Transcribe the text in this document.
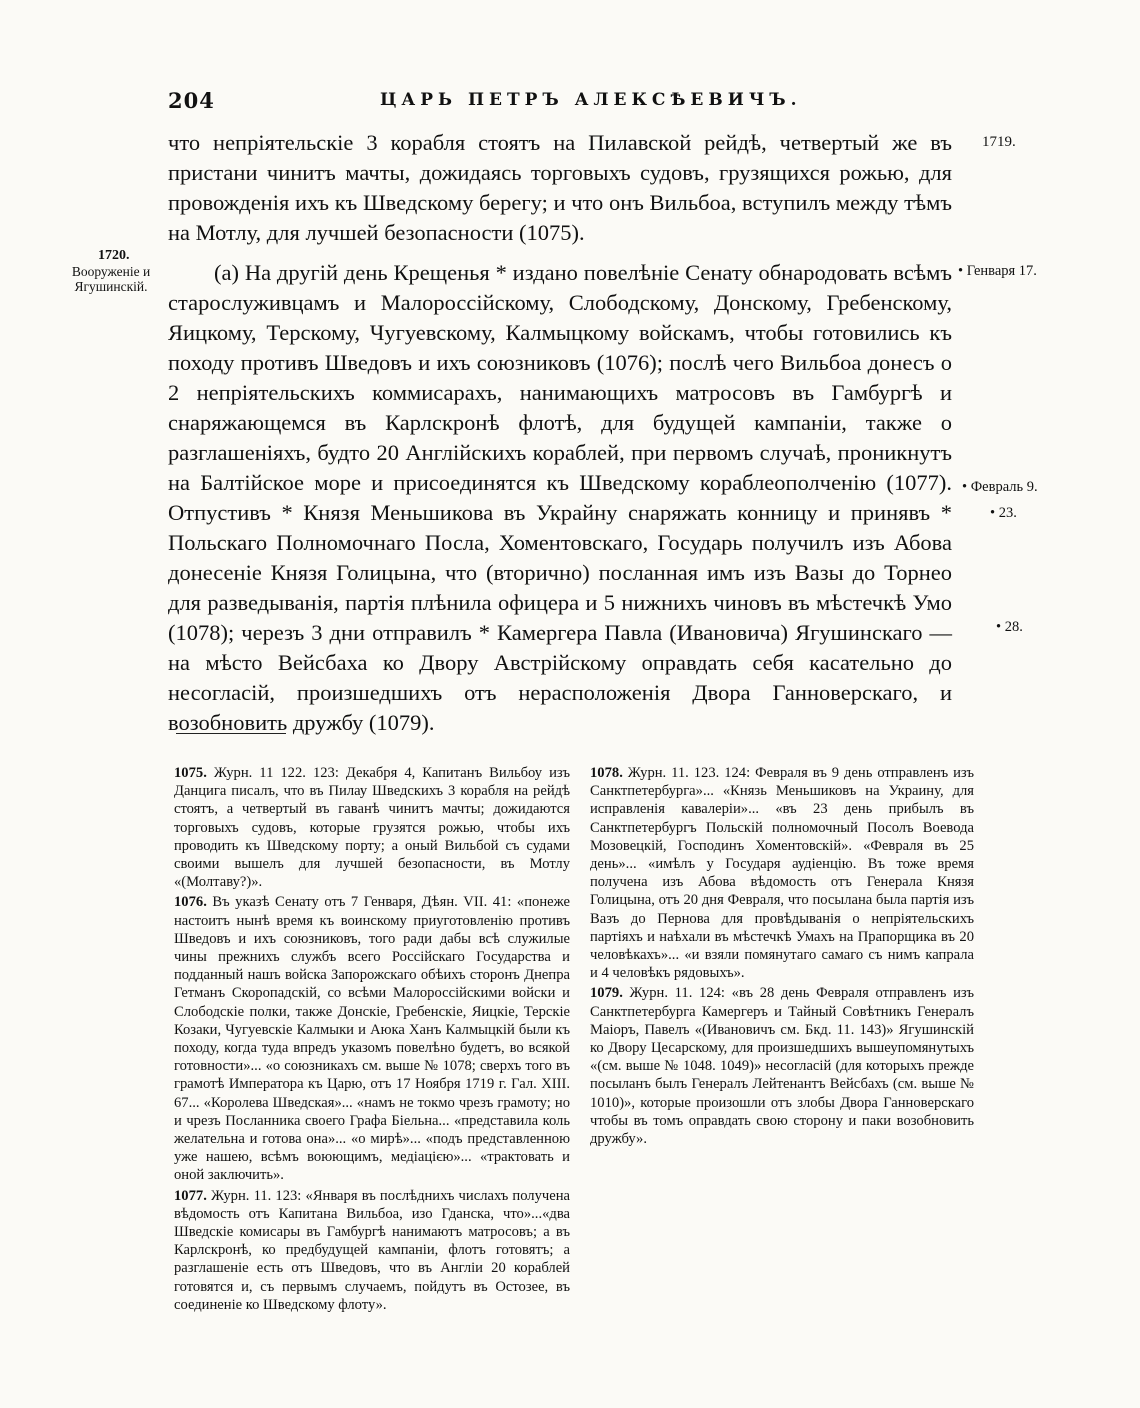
204	ЦАРЬ ПЕТРЪ АЛЕКСѢЕВИЧЪ.
1719.
1720.
Вооруженіе и
Ягушинскій.
• Генваря 17.
• Февраль 9.
• 23.
• 28.
что непріятельскіе 3 корабля стоятъ на Пилавской рейдѣ, четвертый же въ пристани чинитъ мачты, дожидаясь торговыхъ судовъ, грузящихся рожью, для провожденія ихъ къ Шведскому берегу; и что онъ Вильбоа, вступилъ между тѣмъ на Мотлу, для лучшей безопасности (1075).
(а) На другій день Крещенья * издано повелѣніе Сенату обнародовать всѣмъ старослуживцамъ и Малороссійскому, Слободскому, Донскому, Гребенскому, Яицкому, Терскому, Чугуевскому, Калмыцкому войскамъ, чтобы готовились къ походу противъ Шведовъ и ихъ союзниковъ (1076); послѣ чего Вильбоа донесъ о 2 непріятельскихъ коммисарахъ, нанимающихъ матросовъ въ Гамбургѣ и снаряжающемся въ Карлскронѣ флотѣ, для будущей кампаніи, также о разглашеніяхъ, будто 20 Англійскихъ кораблей, при первомъ случаѣ, проникнутъ на Балтійское море и присоединятся къ Шведскому кораблеополченію (1077). Отпустивъ * Князя Меньшикова въ Украйну снаряжать конницу и принявъ * Польскаго Полномочнаго Посла, Хоментовскаго, Государь получилъ изъ Абова донесеніе Князя Голицына, что (вторично) посланная имъ изъ Вазы до Торнео для разведыванія, партія плѣнила офицера и 5 нижнихъ чиновъ въ мѣстечкѣ Умо (1078); черезъ 3 дни отправилъ * Камергера Павла (Ивановича) Ягушинскаго — на мѣсто Вейсбаха ко Двору Австрійскому оправдать себя касательно до несогласій, произшедшихъ отъ нерасположенія Двора Ганноверскаго, и возобновить дружбу (1079).

1075. Журн. 11 122. 123: Декабря 4, Капитанъ Вильбоу изъ Данцига писалъ, что въ Пилау Шведскихъ 3 корабля на рейдѣ стоятъ, а четвертый въ гаванѣ чинитъ мачты; дожидаются торговыхъ судовъ, которые грузятся рожью, чтобы ихъ проводить къ Шведскому порту; а оный Вильбой съ судами своими вышелъ для лучшей безопасности, въ Мотлу «(Молтаву?)».

1076. Въ указѣ Сенату отъ 7 Генваря, Дѣян. VII. 41: «понеже настоитъ нынѣ время къ воинскому приуготовленію противъ Шведовъ и ихъ союзниковъ, того ради дабы всѣ служилые чины прежнихъ службъ всего Россійскаго Государства и подданный нашъ войска Запорожскаго обѣихъ сторонъ Днепра Гетманъ Скоропадскій, со всѣми Малороссійскими войски и Слободскіе полки, также Донскіе, Гребенскіе, Яицкіе, Терскіе Козаки, Чугуевскіе Калмыки и Аюка Ханъ Калмыцкій были къ походу, когда туда впредъ указомъ повелѣно будетъ, во всякой готовности»... «о союзникахъ см. выше № 1078; сверхъ того въ грамотѣ Императора къ Царю, отъ 17 Ноября 1719 г. Гал. XIII. 67... «Королева Шведская»... «намъ не токмо чрезъ грамоту; но и чрезъ Посланника своего Графа Біельна... «представила коль желательна и готова она»... «о мирѣ»... «подъ представленною уже нашею, всѣмъ воюющимъ, медіацією»... «трактовать и оной заключить».

1077. Журн. 11. 123: «Января въ послѣднихъ числахъ получена вѣдомость отъ Капитана Вильбоа, изо Гданска, что»...«два Шведскіе комисары въ Гамбургѣ нанимаютъ матросовъ; а въ Карлскронѣ, ко предбудущей кампаніи, флотъ готовятъ; а разглашеніе есть отъ Шведовъ, что въ Англіи 20 кораблей готовятся и, съ первымъ случаемъ, пойдутъ въ Остозее, въ соединеніе ко Шведскому флоту».

1078. Журн. 11. 123. 124: Февраля въ 9 день отправленъ изъ Санктпетербурга»... «Князь Меньшиковъ на Украину, для исправленія кавалеріи»... «въ 23 день прибылъ въ Санктпетербургъ Польскій полномочный Посолъ Воевода Мозовецкій, Господинъ Хоментовскій». «Февраля въ 25 день»... «имѣлъ у Государя аудіенцію. Въ тоже время получена изъ Абова вѣдомость отъ Генерала Князя Голицына, отъ 20 дня Февраля, что посылана была партія изъ Вазъ до Пернова для провѣдыванія о непріятельскихъ партіяхъ и наѣхали въ мѣстечкѣ Умахъ на Прапорщика въ 20 человѣкахъ»... «и взяли помянутаго самаго съ нимъ капрала и 4 человѣкъ рядовыхъ».

1079. Журн. 11. 124: «въ 28 день Февраля отправленъ изъ Санктпетербурга Камергеръ и Тайный Совѣтникъ Генералъ Маіоръ, Павелъ «(Ивановичъ см. Бкд. 11. 143)» Ягушинскій ко Двору Цесарскому, для произшедшихъ вышеупомянутыхъ «(см. выше № 1048. 1049)» несогласій (для которыхъ прежде посыланъ былъ Генералъ Лейтенантъ Вейсбахъ (см. выше № 1010)», которые произошли отъ злобы Двора Ганноверскаго чтобы въ томъ оправдать свою сторону и паки возобновить дружбу».
